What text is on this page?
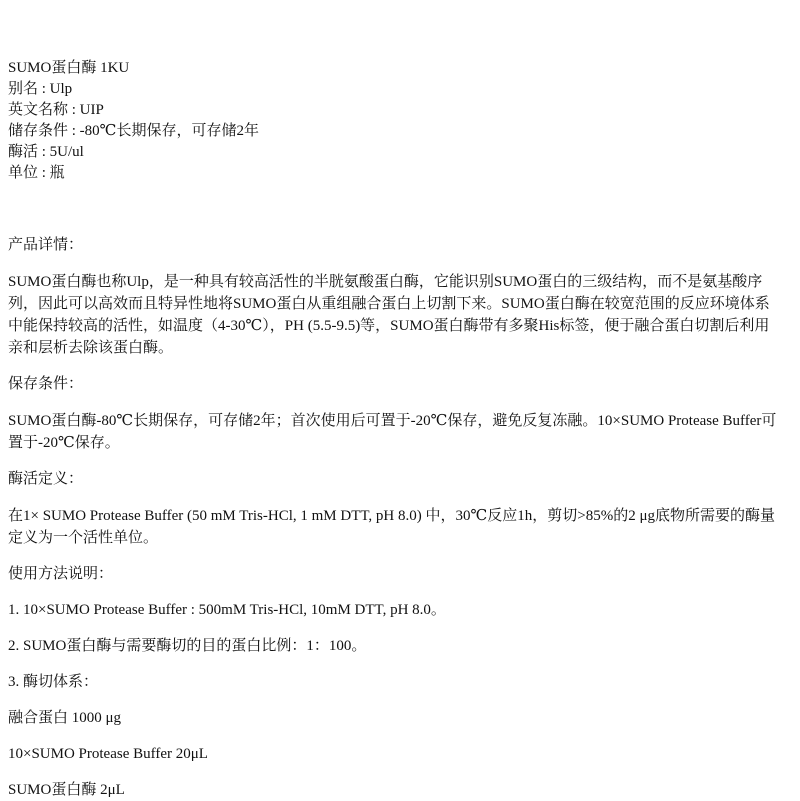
SUMO蛋白酶 1KU
别名 : Ulp
英文名称 : UIP
储存条件 : -80℃长期保存，可存储2年
酶活 : 5U/ul
单位 : 瓶
产品详情：

SUMO蛋白酶也称Ulp，是一种具有较高活性的半胱氨酸蛋白酶，它能识别SUMO蛋白的三级结构，而不是氨基酸序列，因此可以高效而且特异性地将SUMO蛋白从重组融合蛋白上切割下来。SUMO蛋白酶在较宽范围的反应环境体系中能保持较高的活性，如温度（4-30℃），PH (5.5-9.5)等，SUMO蛋白酶带有多聚His标签，便于融合蛋白切割后利用亲和层析去除该蛋白酶。

保存条件：

SUMO蛋白酶-80℃长期保存，可存储2年；首次使用后可置于-20℃保存，避免反复冻融。10×SUMO Protease Buffer可置于-20℃保存。

酶活定义：

在1× SUMO Protease Buffer (50 mM Tris-HCl, 1 mM DTT, pH 8.0) 中，30℃反应1h，剪切>85%的2 μg底物所需要的酶量定义为一个活性单位。

使用方法说明：
1. 10×SUMO Protease Buffer : 500mM Tris-HCl, 10mM DTT, pH 8.0。
2. SUMO蛋白酶与需要酶切的目的蛋白比例：1：100。
3. 酶切体系：
融合蛋白 1000 μg
10×SUMO Protease Buffer 20μL
SUMO蛋白酶 2μL
